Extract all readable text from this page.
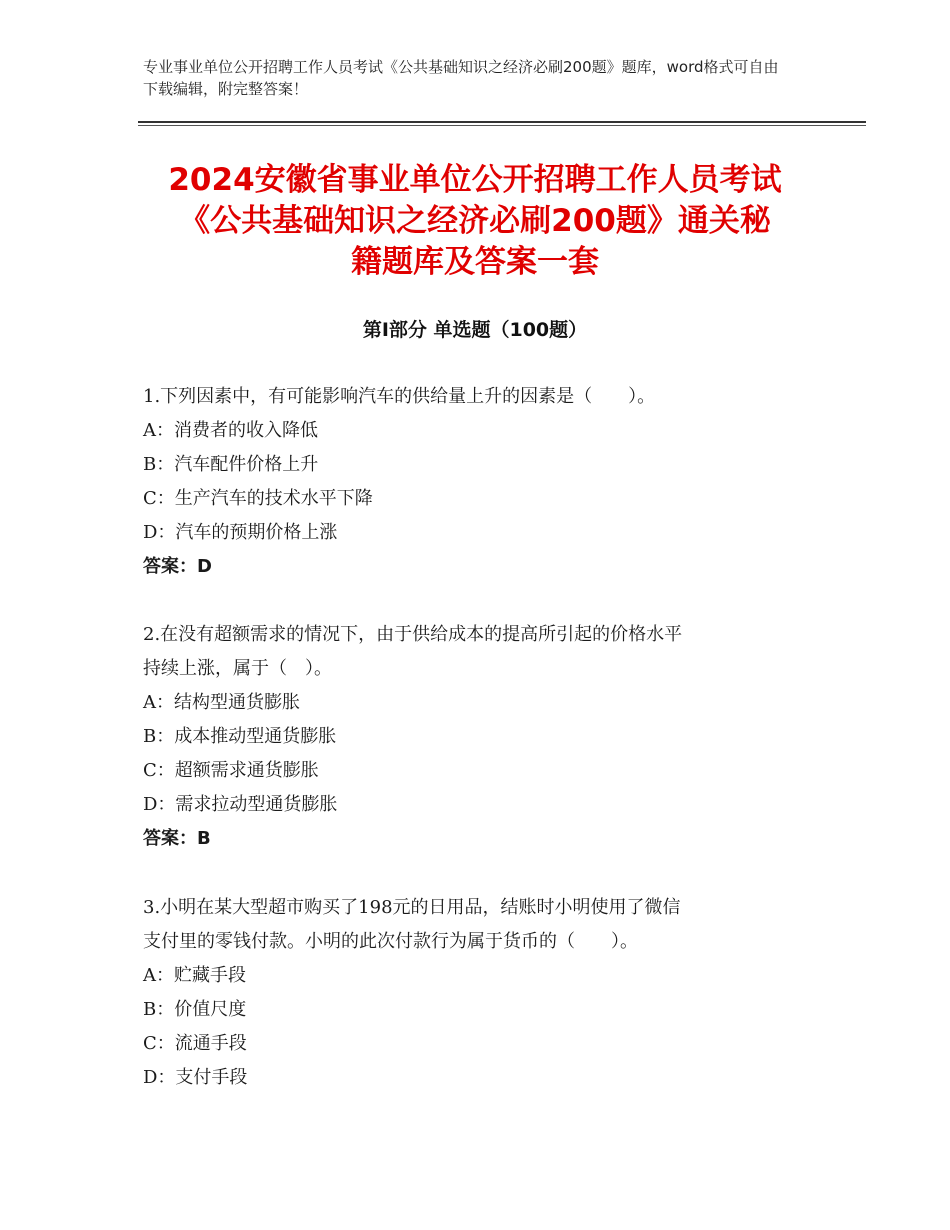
专业事业单位公开招聘工作人员考试《公共基础知识之经济必刷200题》题库，word格式可自由下载编辑，附完整答案！
2024安徽省事业单位公开招聘工作人员考试
《公共基础知识之经济必刷200题》通关秘
籍题库及答案一套
第Ⅰ部分 单选题（100题）
1.下列因素中，有可能影响汽车的供给量上升的因素是（　　）。
A：消费者的收入降低
B：汽车配件价格上升
C：生产汽车的技术水平下降
D：汽车的预期价格上涨
答案：D
2.在没有超额需求的情况下，由于供给成本的提高所引起的价格水平
持续上涨，属于（　）。
A：结构型通货膨胀
B：成本推动型通货膨胀
C：超额需求通货膨胀
D：需求拉动型通货膨胀
答案：B
3.小明在某大型超市购买了198元的日用品，结账时小明使用了微信
支付里的零钱付款。小明的此次付款行为属于货币的（　　）。
A：贮藏手段
B：价值尺度
C：流通手段
D：支付手段
